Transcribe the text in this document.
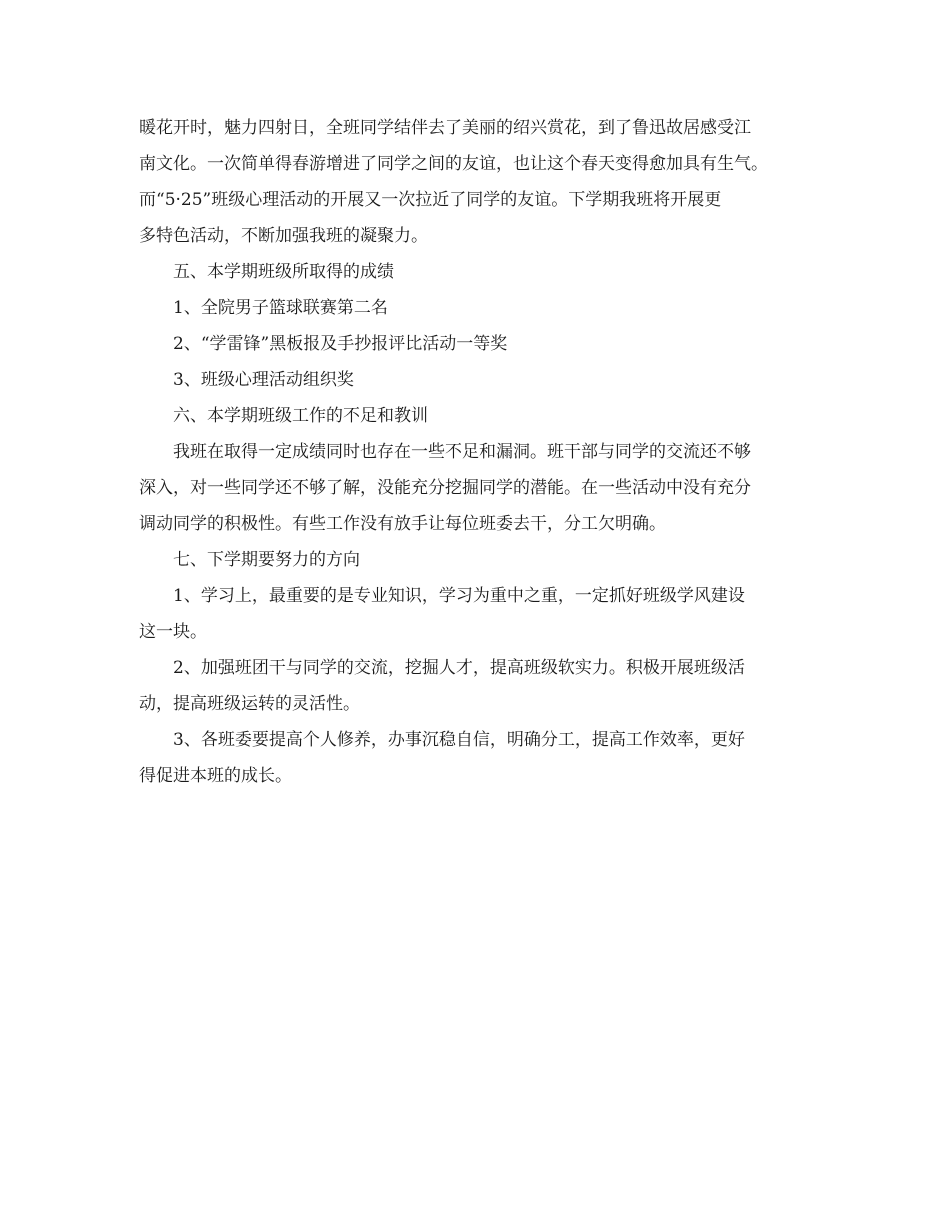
暖花开时，魅力四射日，全班同学结伴去了美丽的绍兴赏花，到了鲁迅故居感受江

南文化。一次简单得春游增进了同学之间的友谊，也让这个春天变得愈加具有生气。

而“5·25”班级心理活动的开展又一次拉近了同学的友谊。下学期我班将开展更

多特色活动，不断加强我班的凝聚力。

五、本学期班级所取得的成绩

1、全院男子篮球联赛第二名

2、“学雷锋”黑板报及手抄报评比活动一等奖

3、班级心理活动组织奖

六、本学期班级工作的不足和教训

我班在取得一定成绩同时也存在一些不足和漏洞。班干部与同学的交流还不够

深入，对一些同学还不够了解，没能充分挖掘同学的潜能。在一些活动中没有充分

调动同学的积极性。有些工作没有放手让每位班委去干，分工欠明确。

七、下学期要努力的方向

1、学习上，最重要的是专业知识，学习为重中之重，一定抓好班级学风建设

这一块。

2、加强班团干与同学的交流，挖掘人才，提高班级软实力。积极开展班级活

动，提高班级运转的灵活性。

3、各班委要提高个人修养，办事沉稳自信，明确分工，提高工作效率，更好

得促进本班的成长。
